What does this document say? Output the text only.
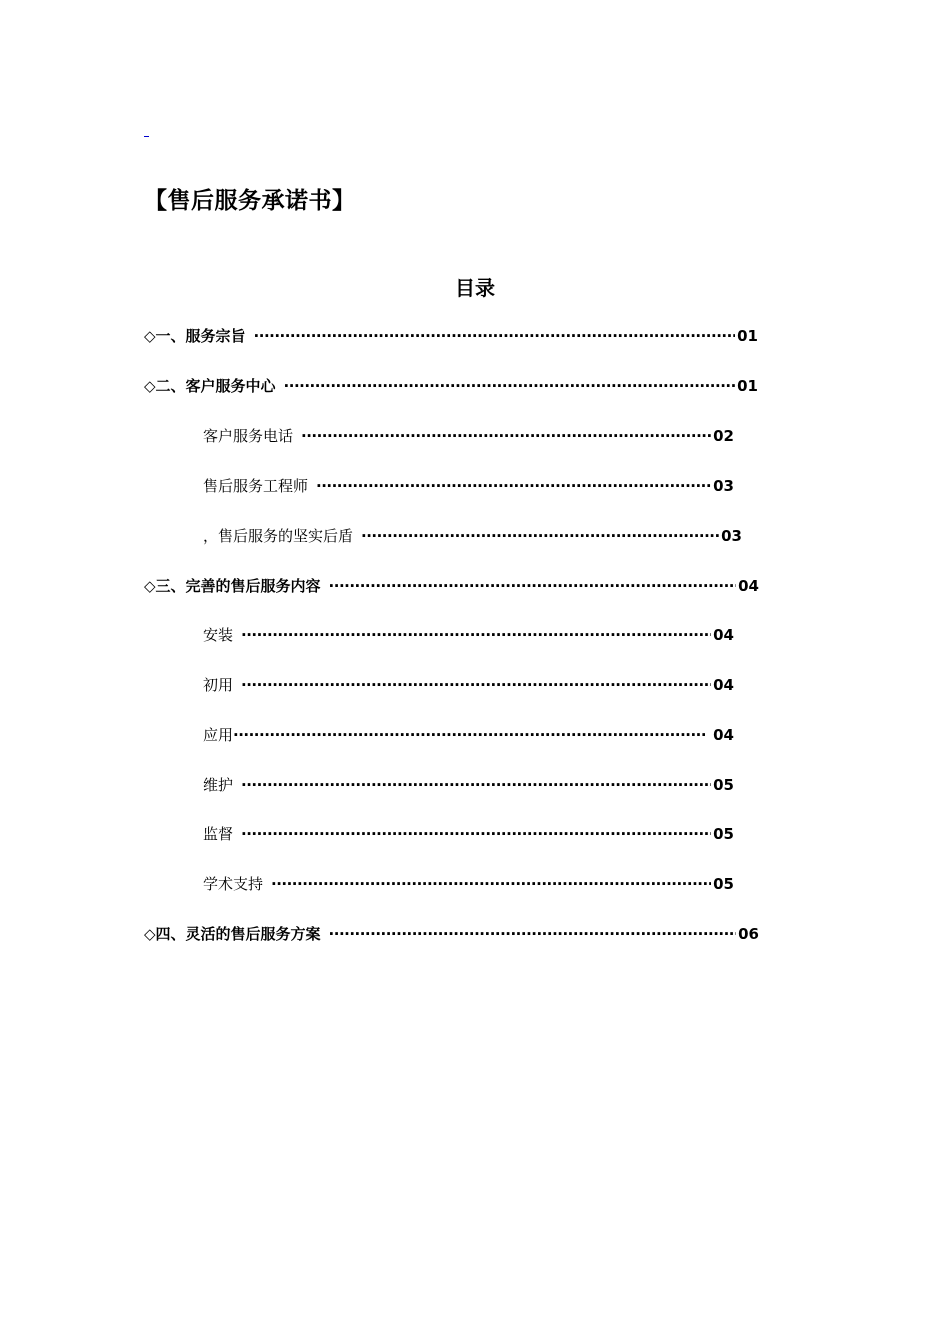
【售后服务承诺书】
目录
◇一、服务宗旨 ·····	01
◇二、客户服务中心 ·····	01
客户服务电话 ·····	02
售后服务工程师 ·····	03
，售后服务的坚实后盾 ·····	03
◇三、完善的售后服务内容 ·····	04
安装 ·····	04
初用 ·····	04
应用 ·····	04
维护 ·····	05
监督 ·····	05
学术支持 ·····	05
◇四、灵活的售后服务方案 ·····	06
